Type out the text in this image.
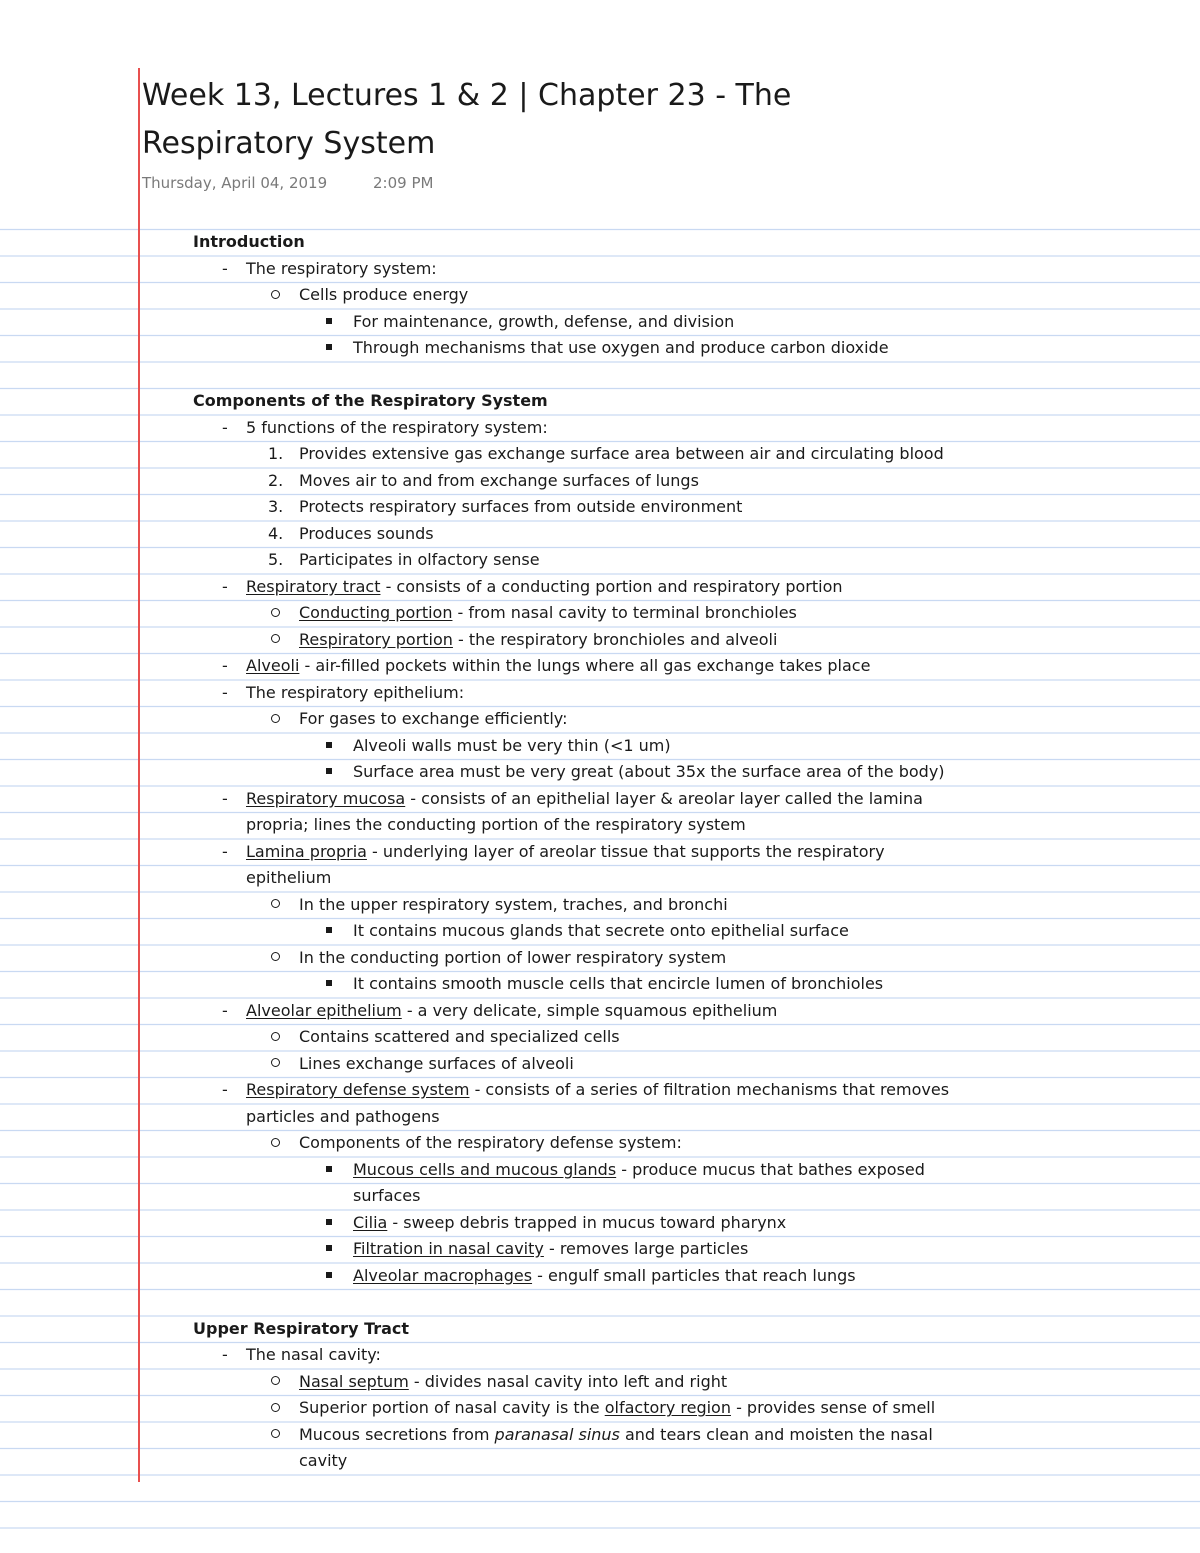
Week 13, Lectures 1 & 2 | Chapter 23 - The Respiratory System
Thursday, April 04, 2019	2:09 PM
Introduction
- The respiratory system:
Cells produce energy
For maintenance, growth, defense, and division
Through mechanisms that use oxygen and produce carbon dioxide
Components of the Respiratory System
- 5 functions of the respiratory system:
1. Provides extensive gas exchange surface area between air and circulating blood
2. Moves air to and from exchange surfaces of lungs
3. Protects respiratory surfaces from outside environment
4. Produces sounds
5. Participates in olfactory sense
- Respiratory tract - consists of a conducting portion and respiratory portion
Conducting portion - from nasal cavity to terminal bronchioles
Respiratory portion - the respiratory bronchioles and alveoli
- Alveoli - air-filled pockets within the lungs where all gas exchange takes place
- The respiratory epithelium:
For gases to exchange efficiently:
Alveoli walls must be very thin (<1 um)
Surface area must be very great (about 35x the surface area of the body)
- Respiratory mucosa - consists of an epithelial layer & areolar layer called the lamina
propria; lines the conducting portion of the respiratory system
- Lamina propria - underlying layer of areolar tissue that supports the respiratory
epithelium
In the upper respiratory system, traches, and bronchi
It contains mucous glands that secrete onto epithelial surface
In the conducting portion of lower respiratory system
It contains smooth muscle cells that encircle lumen of bronchioles
- Alveolar epithelium - a very delicate, simple squamous epithelium
Contains scattered and specialized cells
Lines exchange surfaces of alveoli
- Respiratory defense system - consists of a series of filtration mechanisms that removes
particles and pathogens
Components of the respiratory defense system:
Mucous cells and mucous glands - produce mucus that bathes exposed
surfaces
Cilia - sweep debris trapped in mucus toward pharynx
Filtration in nasal cavity - removes large particles
Alveolar macrophages - engulf small particles that reach lungs
Upper Respiratory Tract
- The nasal cavity:
Nasal septum - divides nasal cavity into left and right
Superior portion of nasal cavity is the olfactory region - provides sense of smell
Mucous secretions from paranasal sinus and tears clean and moisten the nasal
cavity
